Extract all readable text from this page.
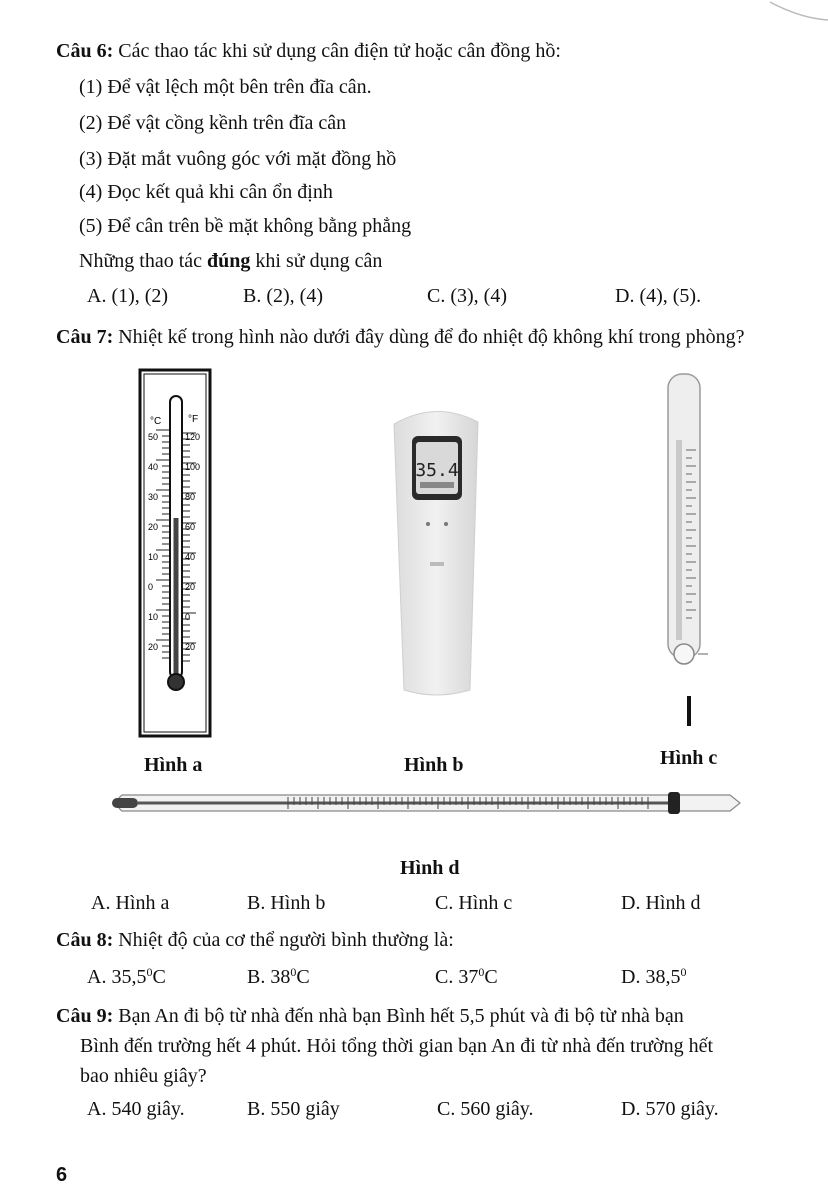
Câu 6: Các thao tác khi sử dụng cân điện tử hoặc cân đồng hồ:
(1) Để vật lệch một bên trên đĩa cân.
(2) Để vật cồng kềnh trên đĩa cân
(3) Đặt mắt vuông góc với mặt đồng hồ
(4) Đọc kết quả khi cân ổn định
(5) Để cân trên bề mặt không bằng phẳng
Những thao tác đúng khi sử dụng cân
A. (1), (2)	B. (2), (4)	C. (3), (4)	D. (4), (5).
Câu 7: Nhiệt kế trong hình nào dưới đây dùng để đo nhiệt độ không khí trong phòng?
°C	°F
50	120
40	100
30	80
20	60
10	40
0	20
10	0
20	20
35.4
Hình a	Hình b	Hình c
Hình d
A. Hình a	B. Hình b	C. Hình c	D. Hình d
Câu 8: Nhiệt độ của cơ thể người bình thường là:
A. 35,5$^0$C	B. $38^0C$	C. $37^0C$	D. 38,5$^0$
Câu 9: Bạn An đi bộ từ nhà đến nhà bạn Bình hết 5,5 phút và đi bộ từ nhà bạn
Bình đến trường hết 4 phút. Hỏi tổng thời gian bạn An đi từ nhà đến trường hết
bao nhiêu giây?
A. 540 giây.	B. 550 giây	C. 560 giây.	D. 570 giây.
6
